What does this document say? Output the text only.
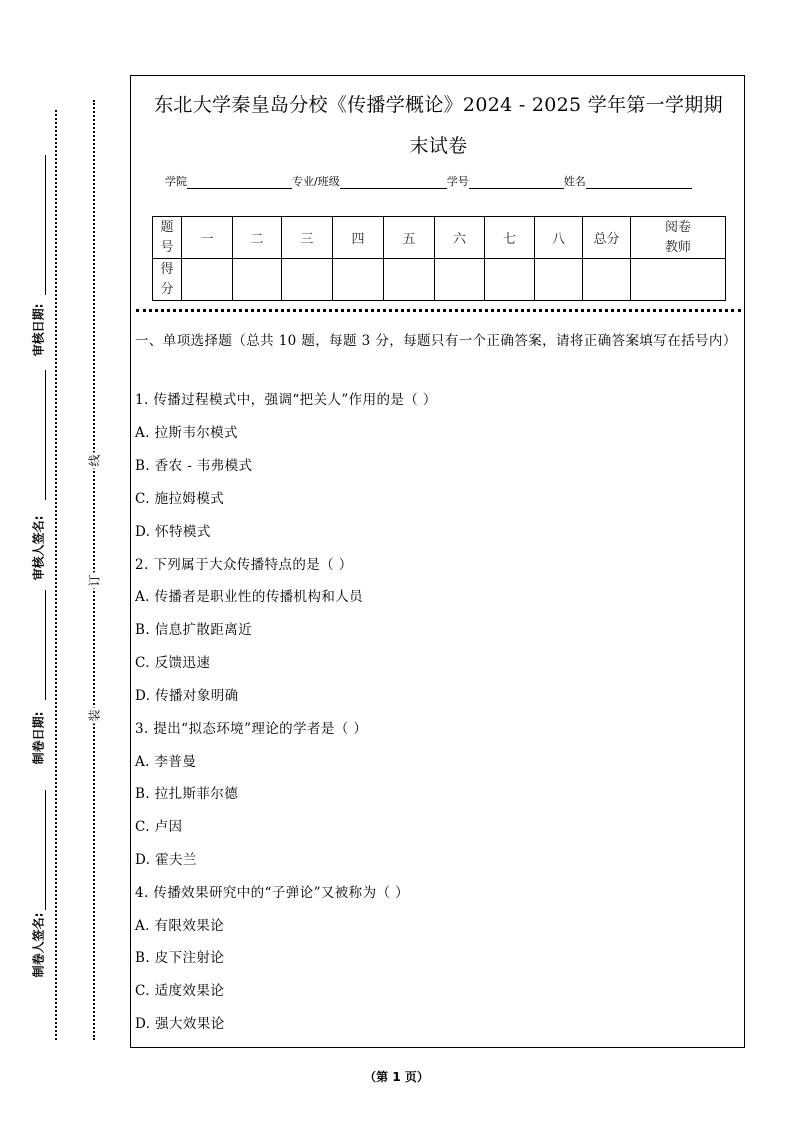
审核日期:
审核人签名:
制卷日期:
制卷人签名:
线
订
装
东北大学秦皇岛分校《传播学概论》2024 - 2025 学年第一学期期
末试卷
学院	专业/班级	学号	姓名
题号	一	二	三	四	五	六	七	八	总分	阅卷教师
得分										
一、单项选择题（总共 10 题，每题 3 分，每题只有一个正确答案，请将正确答案填写在括号内）
1. 传播过程模式中，强调“把关人”作用的是（ ）
A. 拉斯韦尔模式
B. 香农 - 韦弗模式
C. 施拉姆模式
D. 怀特模式
2. 下列属于大众传播特点的是（ ）
A. 传播者是职业性的传播机构和人员
B. 信息扩散距离近
C. 反馈迅速
D. 传播对象明确
3. 提出“拟态环境”理论的学者是（ ）
A. 李普曼
B. 拉扎斯菲尔德
C. 卢因
D. 霍夫兰
4. 传播效果研究中的“子弹论”又被称为（ ）
A. 有限效果论
B. 皮下注射论
C. 适度效果论
D. 强大效果论
（第 1 页）
